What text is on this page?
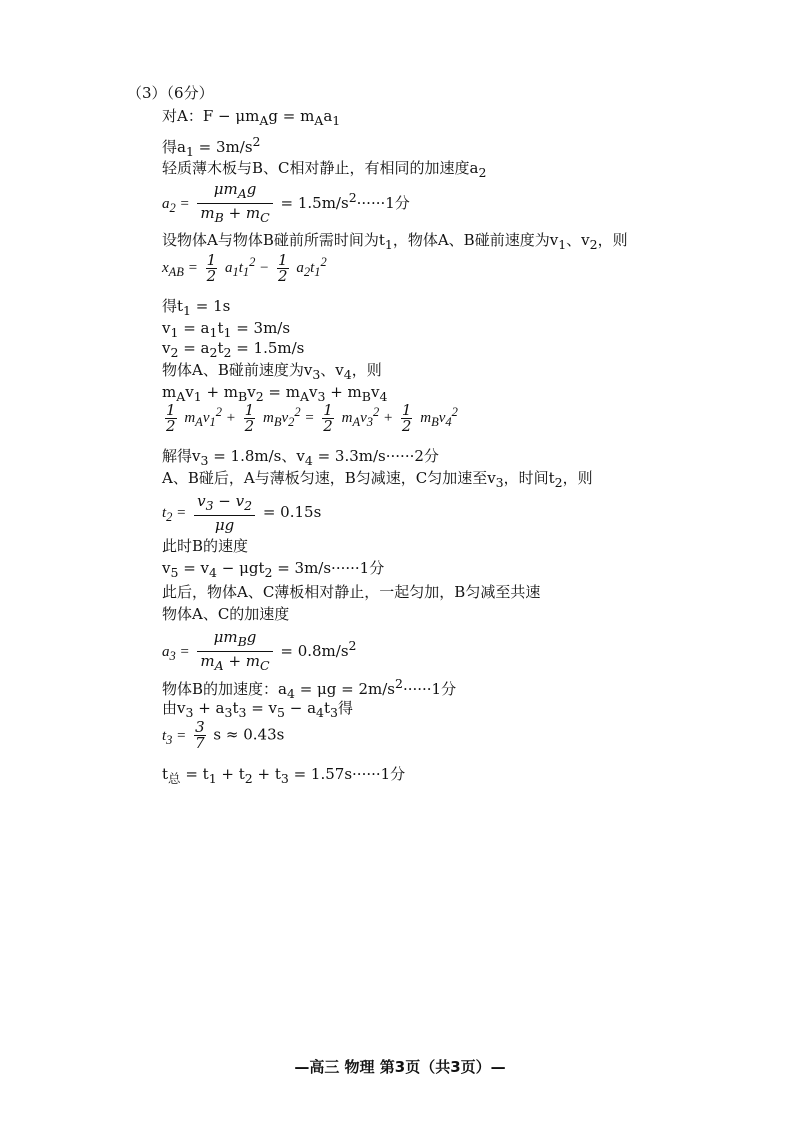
（3）（6分）
对A：$F - \mu m_Ag = m_Aa_1$
得$a_1 = 3m/s^2$
轻质薄木板与B、C相对静止，有相同的加速度$a_2$
$a_2 = \frac{\mu m_Ag}{m_B + m_C} = 1.5m/s^2\cdot\cdot\cdot\cdot\cdot\cdot 1$分
设物体A与物体B碰前所需时间为$t_1$，物体A、B碰前速度为$v_1$、$v_2$，则
$x_{AB} = \frac{1}{2} a_1t_1^2 - \frac{1}{2} a_2t_1^2$
得$t_1 = 1s$
$v_1 = a_1t_1 = 3m/s$
$v_2 = a_2t_2 = 1.5m/s$
物体A、B碰前速度为$v_3$、$v_4$，则
$m_Av_1 + m_Bv_2 = m_Av_3 + m_Bv_4$
$\frac{1}{2} m_Av_1^2 + \frac{1}{2} m_Bv_2^2 = \frac{1}{2} m_Av_3^2 + \frac{1}{2} m_Bv_4^2$
解得$v_3 = 1.8m/s$、$v_4 = 3.3m/s\cdot\cdot\cdot\cdot\cdot\cdot 2$分
A、B碰后，A与薄板匀速，B匀减速，C匀加速至$v_3$，时间$t_2$，则
$t_2 = \frac{v_3 - v_2}{\mu g} = 0.15s$
此时B的速度
$v_5 = v_4 - \mu gt_2 = 3m/s\cdot\cdot\cdot\cdot\cdot\cdot 1$分
此后，物体A、C薄板相对静止，一起匀加，B匀减至共速
物体A、C的加速度
$a_3 = \frac{\mu m_Bg}{m_A + m_C} = 0.8m/s^2$
物体B的加速度：$a_4 = \mu g = 2m/s^2\cdot\cdot\cdot\cdot\cdot\cdot 1$分
由$v_3 + a_3t_3 = v_5 - a_4t_3$得
$t_3 = \frac{3}{7}$ s ≈ 0.43s
$t_总 = t_1 + t_2 + t_3 = 1.57s\cdot\cdot\cdot\cdot\cdot\cdot 1$分
—高三 物理 第3页（共3页）—
